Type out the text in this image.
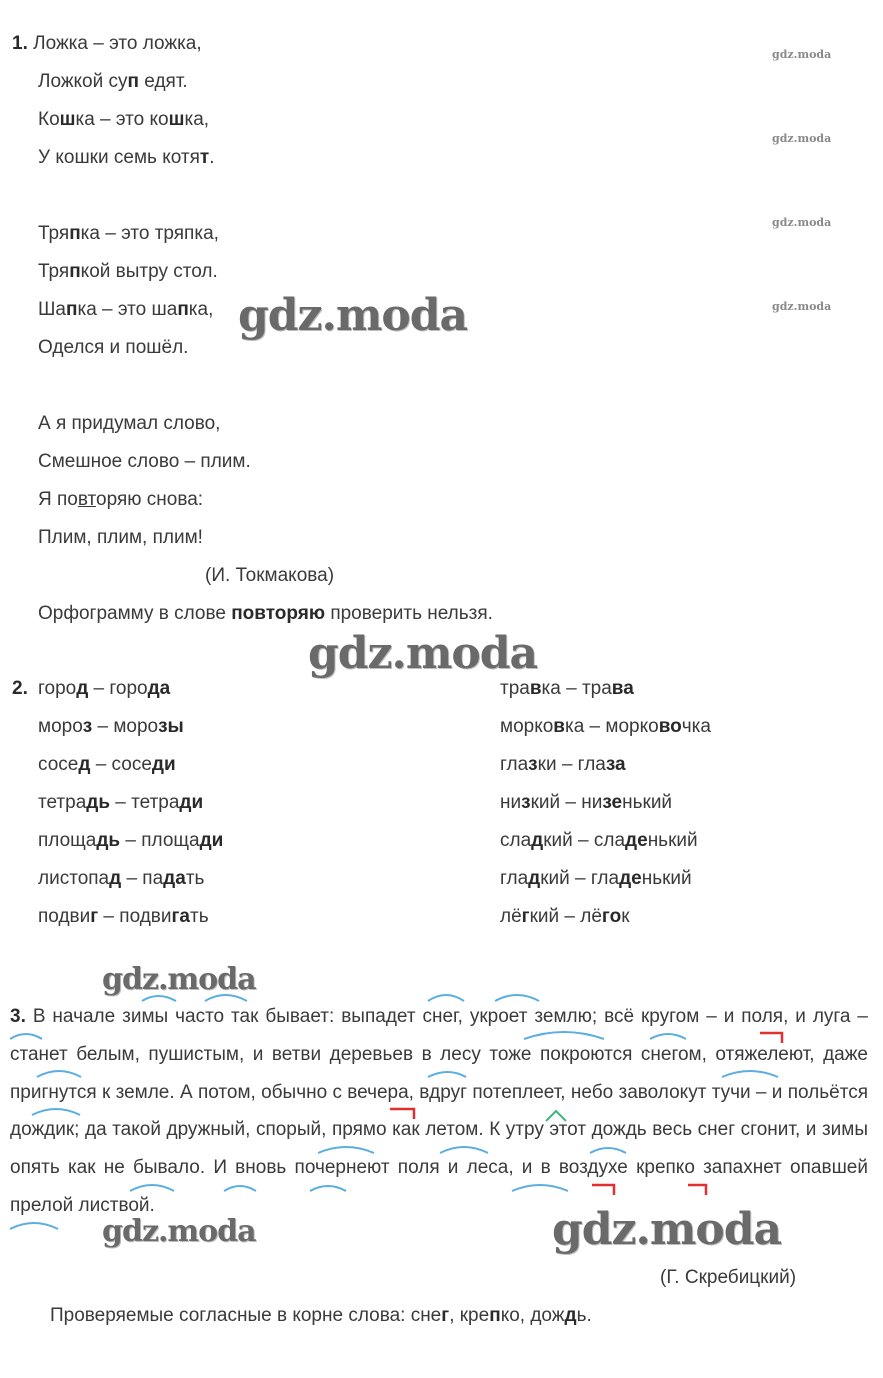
gdz.moda
gdz.moda
gdz.moda
gdz.moda
1. Ложка – это ложка,
Ложкой суп едят.
Кошка – это кошка,
У кошки семь котят.
Тряпка – это тряпка,
Тряпкой вытру стол.
Шапка – это шапка,
Оделся и пошёл.
А я придумал слово,
Смешное слово – плим.
Я повторяю снова:
Плим, плим, плим!
(И. Токмакова)
Орфограмму в слове повторяю проверить нельзя.
gdz.moda
gdz.moda
2. город – города
мороз – морозы
сосед – соседи
тетрадь – тетради
площадь – площади
листопад – падать
подвиг – подвигать
травка – трава
морковка – морковочка
глазки – глаза
низкий – низенький
сладкий – сладенький
гладкий – гладенький
лёгкий – лёгок
gdz.moda
3. В начале зимы часто так бывает: выпадет снег, укроет землю; всё кругом – и поля, и луга – станет белым, пушистым, и ветви деревьев в лесу тоже покроются снегом, отяжелеют, даже пригнутся к земле. А потом, обычно с вечера, вдруг потеплеет, небо заволокут тучи – и польётся дождик; да такой дружный, спорый, прямо как летом. К утру этот дождь весь снег сгонит, и зимы опять как не бывало. И вновь почернеют поля и леса, и в воздухе крепко запахнет опавшей прелой листвой.
gdz.moda	gdz.moda
(Г. Скребицкий)
Проверяемые согласные в корне слова: снег, крепко, дождь.
